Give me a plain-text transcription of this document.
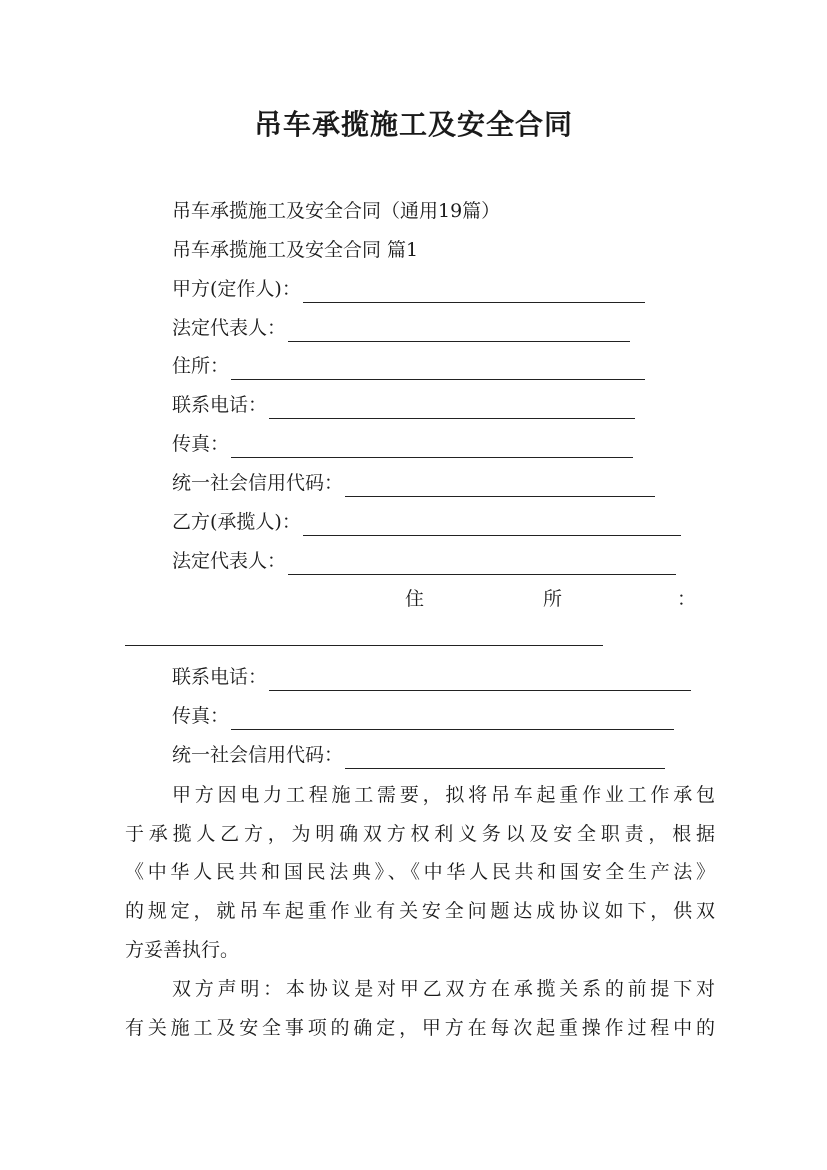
吊车承揽施工及安全合同
吊车承揽施工及安全合同（通用19篇）
吊车承揽施工及安全合同 篇1
甲方(定作人)：
法定代表人：
住所：
联系电话：
传真：
统一社会信用代码：
乙方(承揽人)：
法定代表人：
住	所	：
联系电话：
传真：
统一社会信用代码：

甲方因电力工程施工需要，拟将吊车起重作业工作承包

于承揽人乙方，为明确双方权利义务以及安全职责，根据

《中华人民共和国民法典》、《中华人民共和国安全生产法》

的规定，就吊车起重作业有关安全问题达成协议如下，供双

方妥善执行。

双方声明：本协议是对甲乙双方在承揽关系的前提下对

有关施工及安全事项的确定，甲方在每次起重操作过程中的
